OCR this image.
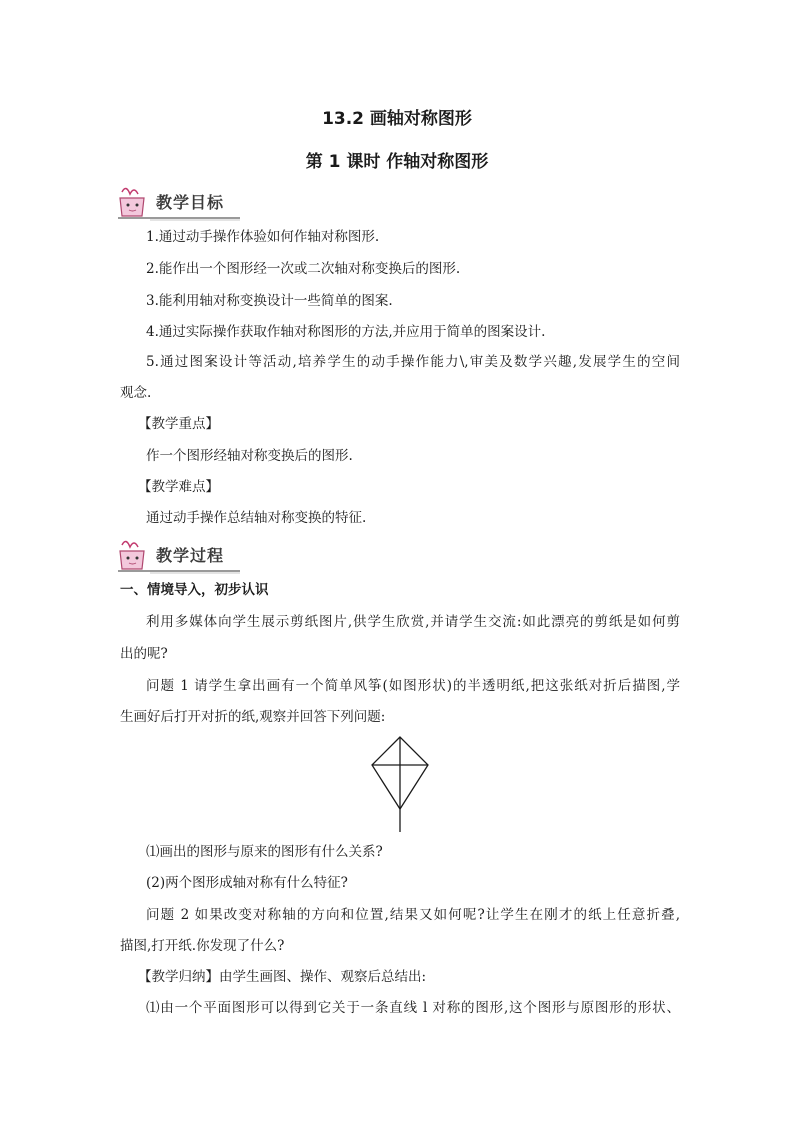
13.2 画轴对称图形
第 1 课时 作轴对称图形
教学目标
1.通过动手操作体验如何作轴对称图形.
2.能作出一个图形经一次或二次轴对称变换后的图形.
3.能利用轴对称变换设计一些简单的图案.
4.通过实际操作获取作轴对称图形的方法,并应用于简单的图案设计.
5.通过图案设计等活动,培养学生的动手操作能力\,审美及数学兴趣,发展学生的空间
观念.
【教学重点】
作一个图形经轴对称变换后的图形.
【教学难点】
通过动手操作总结轴对称变换的特征.
教学过程
一、情境导入，初步认识
利用多媒体向学生展示剪纸图片,供学生欣赏,并请学生交流:如此漂亮的剪纸是如何剪
出的呢?
问题 1 请学生拿出画有一个简单风筝(如图形状)的半透明纸,把这张纸对折后描图,学
生画好后打开对折的纸,观察并回答下列问题:
⑴画出的图形与原来的图形有什么关系?
(2)两个图形成轴对称有什么特征?
问题 2 如果改变对称轴的方向和位置,结果又如何呢?让学生在刚才的纸上任意折叠,
描图,打开纸.你发现了什么?
【教学归纳】由学生画图、操作、观察后总结出:
⑴由一个平面图形可以得到它关于一条直线 l 对称的图形,这个图形与原图形的形状、
